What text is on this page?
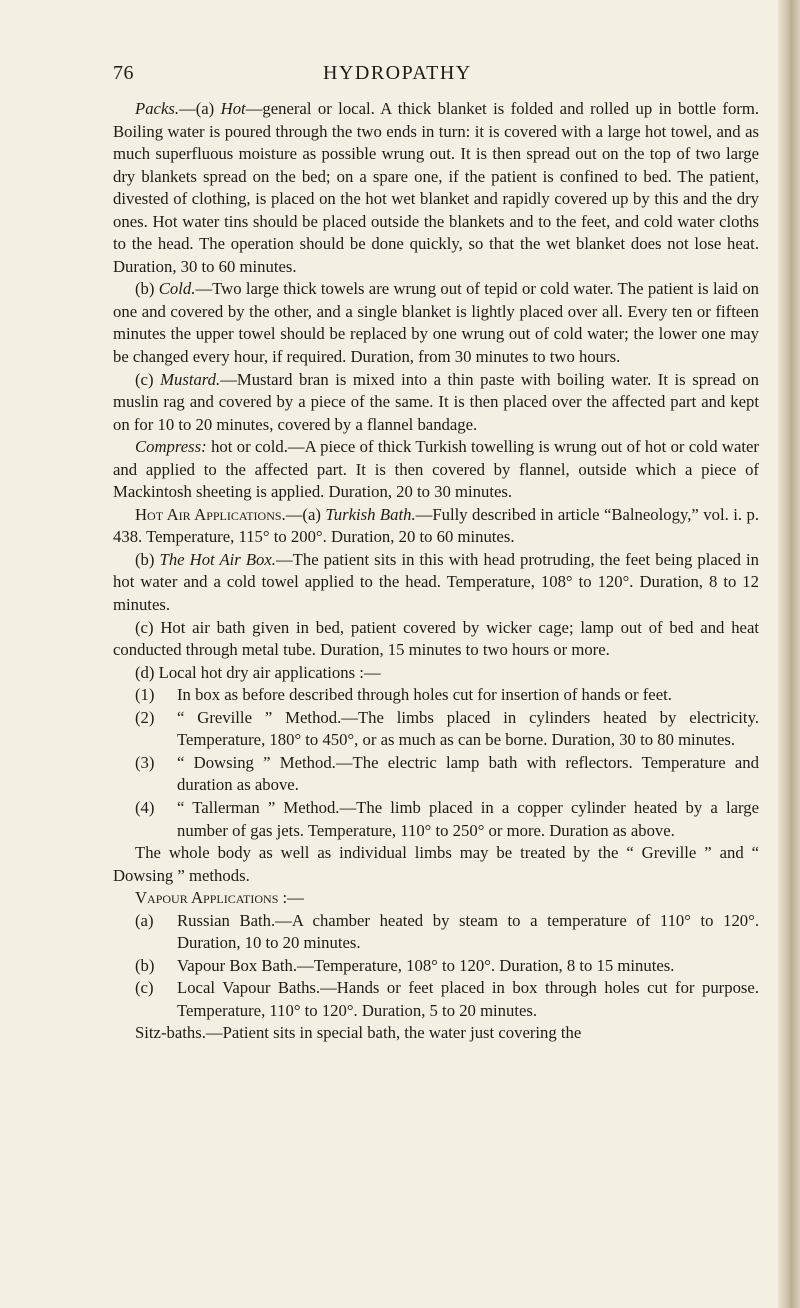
76	HYDROPATHY

Packs.—(a) Hot—general or local. A thick blanket is folded and rolled up in bottle form. Boiling water is poured through the two ends in turn: it is covered with a large hot towel, and as much superfluous moisture as possible wrung out. It is then spread out on the top of two large dry blankets spread on the bed; on a spare one, if the patient is confined to bed. The patient, divested of clothing, is placed on the hot wet blanket and rapidly covered up by this and the dry ones. Hot water tins should be placed outside the blankets and to the feet, and cold water cloths to the head. The operation should be done quickly, so that the wet blanket does not lose heat. Duration, 30 to 60 minutes.

(b) Cold.—Two large thick towels are wrung out of tepid or cold water. The patient is laid on one and covered by the other, and a single blanket is lightly placed over all. Every ten or fifteen minutes the upper towel should be replaced by one wrung out of cold water; the lower one may be changed every hour, if required. Duration, from 30 minutes to two hours.

(c) Mustard.—Mustard bran is mixed into a thin paste with boiling water. It is spread on muslin rag and covered by a piece of the same. It is then placed over the affected part and kept on for 10 to 20 minutes, covered by a flannel bandage.

Compress: hot or cold.—A piece of thick Turkish towelling is wrung out of hot or cold water and applied to the affected part. It is then covered by flannel, outside which a piece of Mackintosh sheeting is applied. Duration, 20 to 30 minutes.

Hot Air Applications.—(a) Turkish Bath.—Fully described in article “Balneology,” vol. i. p. 438. Temperature, 115° to 200°. Duration, 20 to 60 minutes.

(b) The Hot Air Box.—The patient sits in this with head protruding, the feet being placed in hot water and a cold towel applied to the head. Temperature, 108° to 120°. Duration, 8 to 12 minutes.

(c) Hot air bath given in bed, patient covered by wicker cage; lamp out of bed and heat conducted through metal tube. Duration, 15 minutes to two hours or more.

(d) Local hot dry air applications :—

(1) In box as before described through holes cut for insertion of hands or feet.

(2) “ Greville ” Method.—The limbs placed in cylinders heated by electricity. Temperature, 180° to 450°, or as much as can be borne. Duration, 30 to 80 minutes.

(3) “ Dowsing ” Method.—The electric lamp bath with reflectors. Temperature and duration as above.

(4) “ Tallerman ” Method.—The limb placed in a copper cylinder heated by a large number of gas jets. Temperature, 110° to 250° or more. Duration as above.

The whole body as well as individual limbs may be treated by the “ Greville ” and “ Dowsing ” methods.

Vapour Applications :—

(a) Russian Bath.—A chamber heated by steam to a temperature of 110° to 120°. Duration, 10 to 20 minutes.

(b) Vapour Box Bath.—Temperature, 108° to 120°. Duration, 8 to 15 minutes.

(c) Local Vapour Baths.—Hands or feet placed in box through holes cut for purpose. Temperature, 110° to 120°. Duration, 5 to 20 minutes.

Sitz-baths.—Patient sits in special bath, the water just covering the
